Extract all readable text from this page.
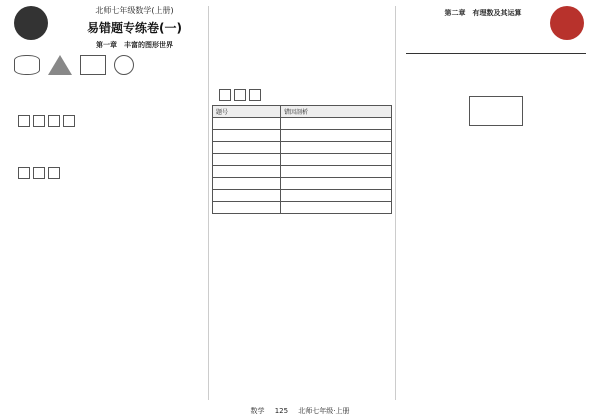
北师七年级数学(上册)
易错题专练卷(一)
第一章　丰富的图形世界
第二章　有理数及其运算
题号	错因剖析

数学 125 北师七年级·上册
